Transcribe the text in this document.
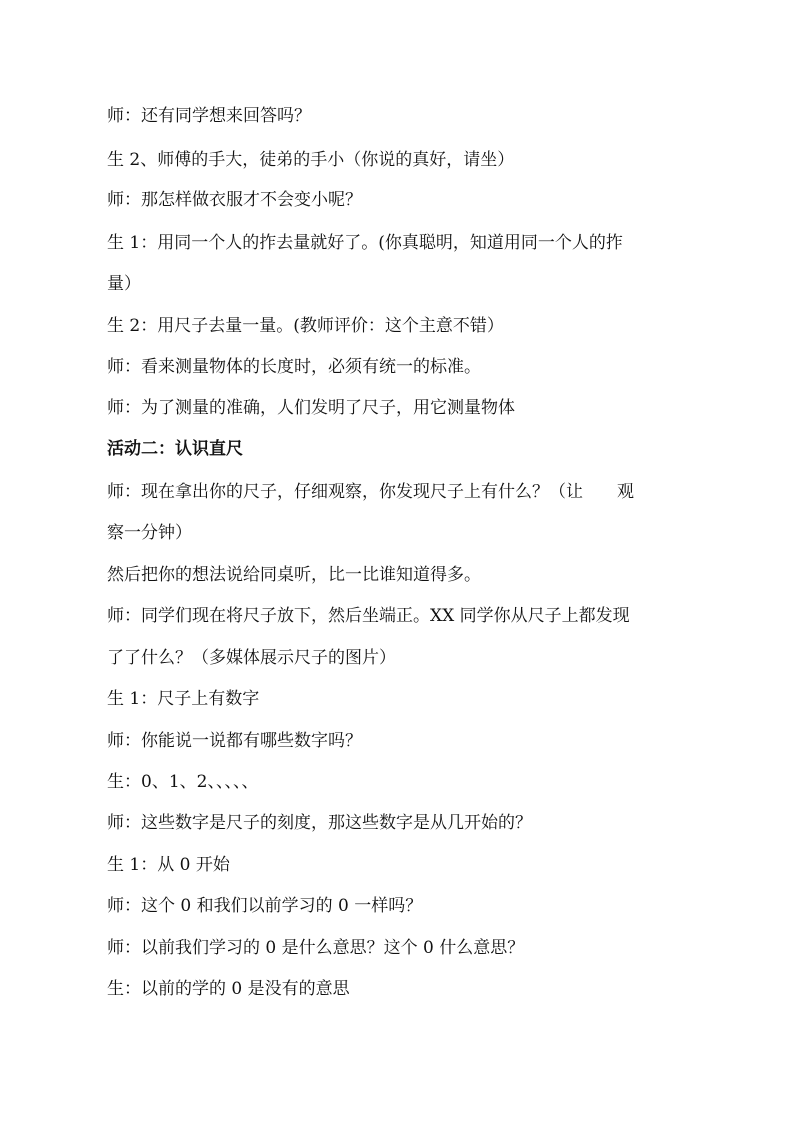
师：还有同学想来回答吗？
生 2、师傅的手大，徒弟的手小（你说的真好，请坐）
师：那怎样做衣服才不会变小呢？
生 1：用同一个人的拃去量就好了。(你真聪明，知道用同一个人的拃
量）
生 2：用尺子去量一量。(教师评价：这个主意不错）
师：看来测量物体的长度时，必须有统一的标准。
师：为了测量的准确，人们发明了尺子，用它测量物体
活动二：认识直尺
师：现在拿出你的尺子，仔细观察，你发现尺子上有什么？（让　　观
察一分钟）
然后把你的想法说给同桌听，比一比谁知道得多。
师：同学们现在将尺子放下，然后坐端正。XX 同学你从尺子上都发现
了了什么？（多媒体展示尺子的图片）
生 1：尺子上有数字
师：你能说一说都有哪些数字吗？
生：0、1、2、、、、、
师：这些数字是尺子的刻度，那这些数字是从几开始的？
生 1：从 0 开始
师：这个 0 和我们以前学习的 0 一样吗？
师：以前我们学习的 0 是什么意思？这个 0 什么意思？
生：以前的学的 0 是没有的意思
